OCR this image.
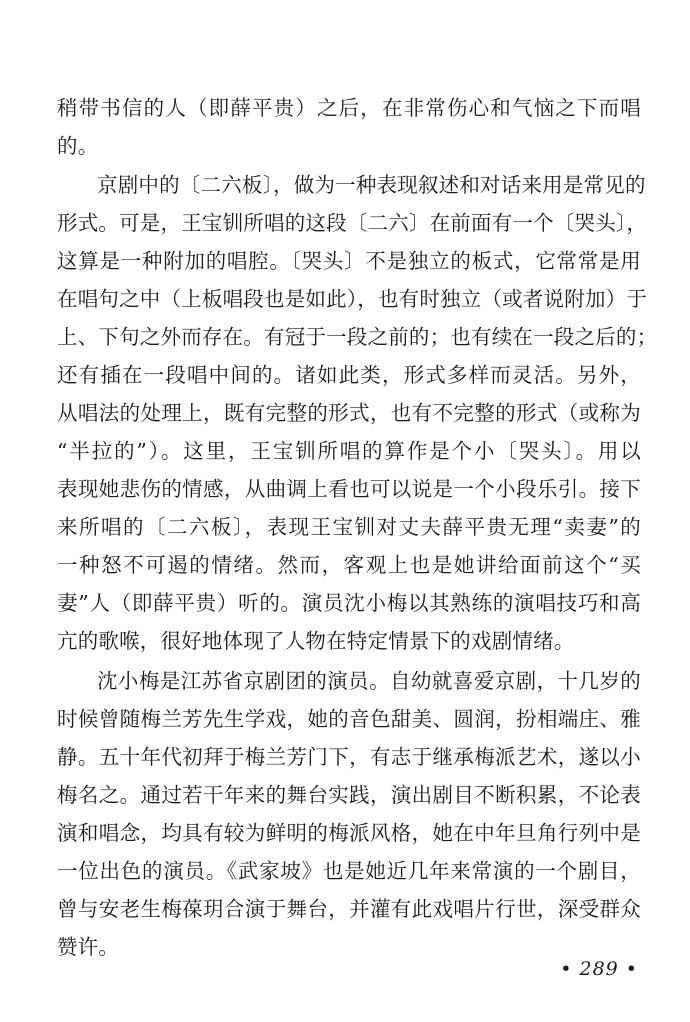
稍带书信的人（即薛平贵）之后，在非常伤心和气恼之下而唱
的。
京剧中的〔二六板〕，做为一种表现叙述和对话来用是常见的
形式。可是，王宝钏所唱的这段〔二六〕在前面有一个〔哭头〕，
这算是一种附加的唱腔。〔哭头〕不是独立的板式，它常常是用
在唱句之中（上板唱段也是如此），也有时独立（或者说附加）于
上、下句之外而存在。有冠于一段之前的；也有续在一段之后的；
还有插在一段唱中间的。诸如此类，形式多样而灵活。另外，
从唱法的处理上，既有完整的形式，也有不完整的形式（或称为
“半拉的”）。这里，王宝钏所唱的算作是个小〔哭头〕。用以
表现她悲伤的情感，从曲调上看也可以说是一个小段乐引。接下
来所唱的〔二六板〕，表现王宝钏对丈夫薛平贵无理“卖妻”的
一种怒不可遏的情绪。然而，客观上也是她讲给面前这个“买
妻”人（即薛平贵）听的。演员沈小梅以其熟练的演唱技巧和高
亢的歌喉，很好地体现了人物在特定情景下的戏剧情绪。
沈小梅是江苏省京剧团的演员。自幼就喜爱京剧，十几岁的
时候曾随梅兰芳先生学戏，她的音色甜美、圆润，扮相端庄、雅
静。五十年代初拜于梅兰芳门下，有志于继承梅派艺术，遂以小
梅名之。通过若干年来的舞台实践，演出剧目不断积累，不论表
演和唱念，均具有较为鲜明的梅派风格，她在中年旦角行列中是
一位出色的演员。《武家坡》也是她近几年来常演的一个剧目，
曾与安老生梅葆玥合演于舞台，并灌有此戏唱片行世，深受群众
赞许。
• 289 •
